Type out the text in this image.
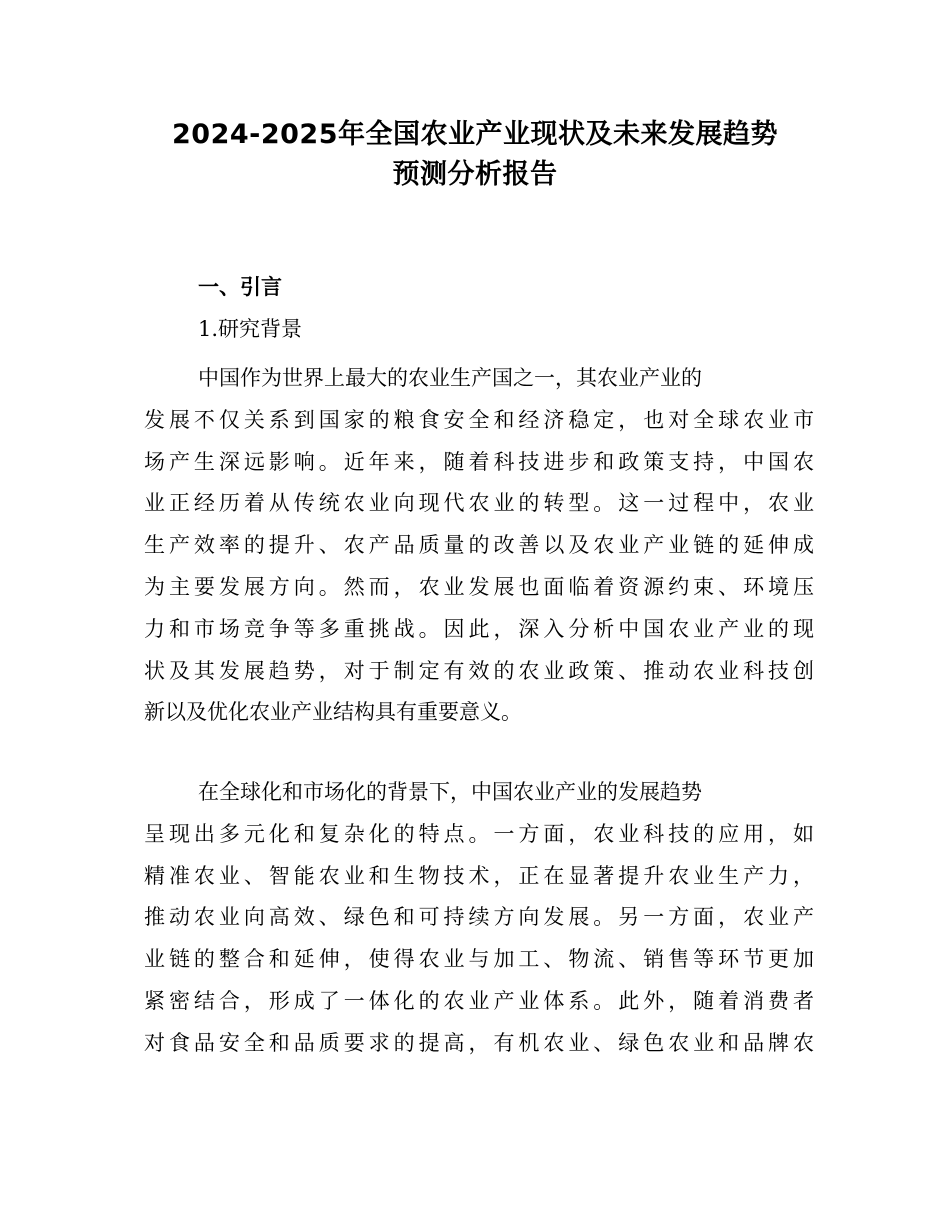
2024-2025年全国农业产业现状及未来发展趋势
预测分析报告
一、引言
1.研究背景
中国作为世界上最大的农业生产国之一，其农业产业的
发展不仅关系到国家的粮食安全和经济稳定，也对全球农业市
场产生深远影响。近年来，随着科技进步和政策支持，中国农
业正经历着从传统农业向现代农业的转型。这一过程中，农业
生产效率的提升、农产品质量的改善以及农业产业链的延伸成
为主要发展方向。然而，农业发展也面临着资源约束、环境压
力和市场竞争等多重挑战。因此，深入分析中国农业产业的现
状及其发展趋势，对于制定有效的农业政策、推动农业科技创
新以及优化农业产业结构具有重要意义。
在全球化和市场化的背景下，中国农业产业的发展趋势
呈现出多元化和复杂化的特点。一方面，农业科技的应用，如
精准农业、智能农业和生物技术，正在显著提升农业生产力，
推动农业向高效、绿色和可持续方向发展。另一方面，农业产
业链的整合和延伸，使得农业与加工、物流、销售等环节更加
紧密结合，形成了一体化的农业产业体系。此外，随着消费者
对食品安全和品质要求的提高，有机农业、绿色农业和品牌农
